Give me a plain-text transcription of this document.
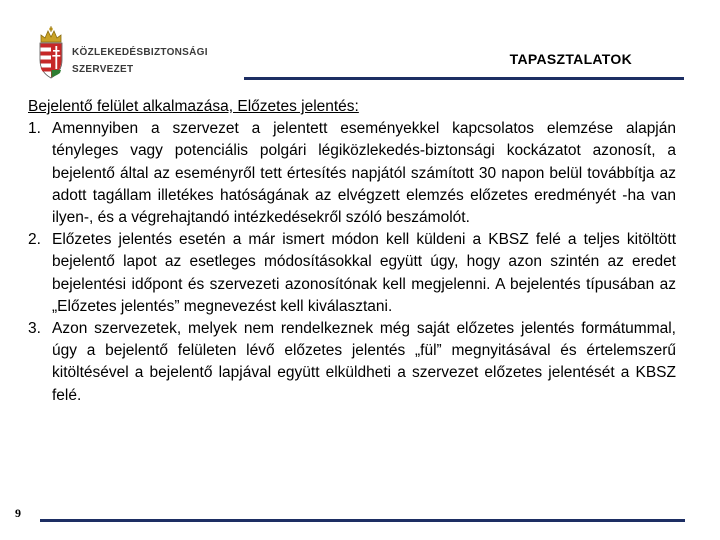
KÖZLEKEDÉSBIZTONSÁGI
SZERVEZET
TAPASZTALATOK
Bejelentő felület alkalmazása, Előzetes jelentés:
1. Amennyiben a szervezet a jelentett eseményekkel kapcsolatos elemzése alapján tényleges vagy potenciális polgári légiközlekedés-biztonsági kockázatot azonosít, a bejelentő által az eseményről tett értesítés napjától számított 30 napon belül továbbítja az adott tagállam illetékes hatóságának az elvégzett elemzés előzetes eredményét -ha van ilyen-, és a végrehajtandó intézkedésekről szóló beszámolót.
2. Előzetes jelentés esetén a már ismert módon kell küldeni a KBSZ felé a teljes kitöltött bejelentő lapot az esetleges módosításokkal együtt úgy, hogy azon szintén az eredet bejelentési időpont és szervezeti azonosítónak kell megjelenni. A bejelentés típusában az „Előzetes jelentés” megnevezést kell kiválasztani.
3. Azon szervezetek, melyek nem rendelkeznek még saját előzetes jelentés formátummal, úgy a bejelentő felületen lévő előzetes jelentés „fül” megnyitásával és értelemszerű kitöltésével a bejelentő lapjával együtt elküldheti a szervezet előzetes jelentését a KBSZ felé.
9
